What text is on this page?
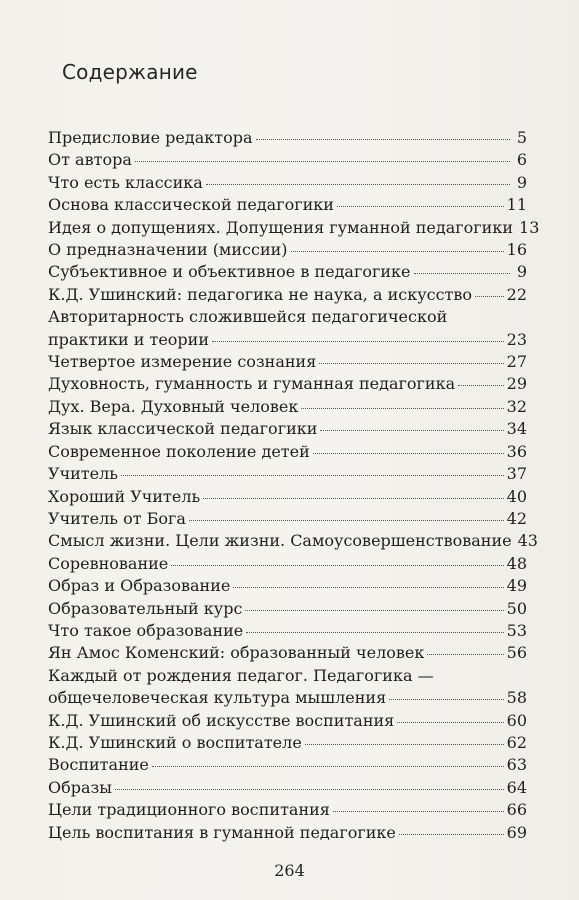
Содержание
Предисловие редактора	5
От автора	6
Что есть классика	9
Основа классической педагогики	11
Идея о допущениях. Допущения гуманной педагогики 13
О предназначении (миссии)	16
Субъективное и объективное в педагогике	9
К.Д. Ушинский: педагогика не наука, а искусство 22
Авторитарность сложившейся педагогической
практики и теории	23
Четвертое измерение сознания	27
Духовность, гуманность и гуманная педагогика	29
Дух. Вера. Духовный человек	32
Язык классической педагогики	34
Современное поколение детей	36
Учитель	37
Хороший Учитель	40
Учитель от Бога	42
Смысл жизни. Цели жизни. Самоусовершенствование 43
Соревнование	48
Образ и Образование	49
Образовательный курс	50
Что такое образование	53
Ян Амос Коменский: образованный человек	56
Каждый от рождения педагог. Педагогика —
общечеловеческая культура мышления	58
К.Д. Ушинский об искусстве воспитания	60
К.Д. Ушинский о воспитателе	62
Воспитание	63
Образы	64
Цели традиционного воспитания	66
Цель воспитания в гуманной педагогике	69
264
